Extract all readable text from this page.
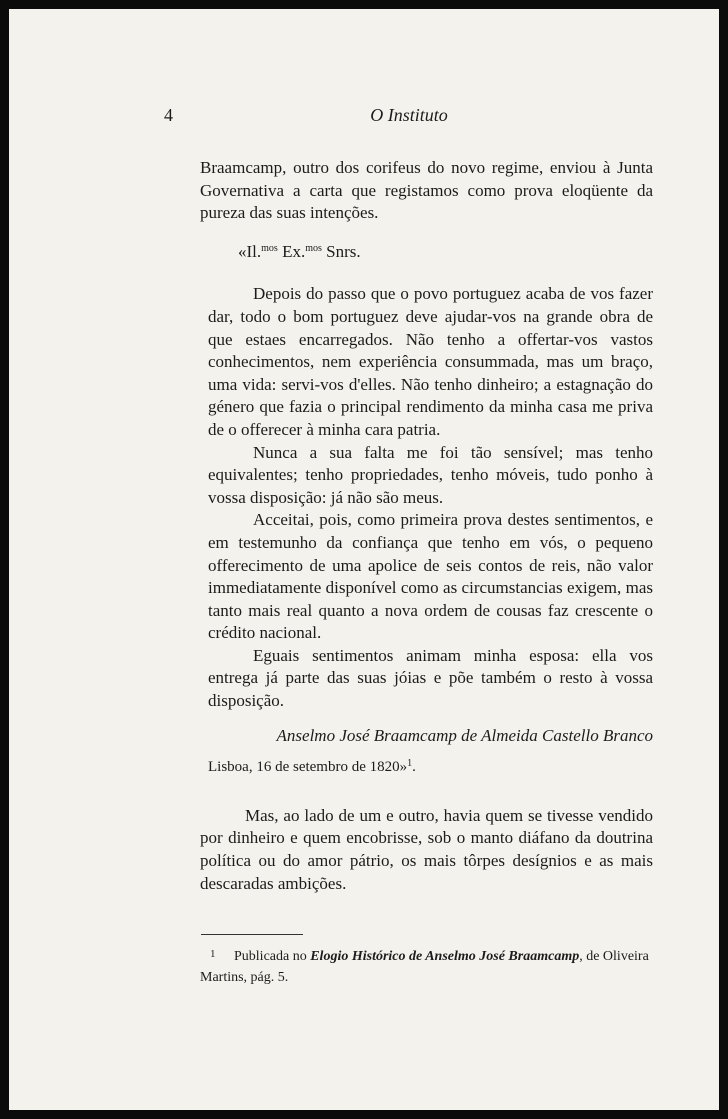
4	O Instituto

Braamcamp, outro dos corifeus do novo regime, enviou à Junta Governativa a carta que registamos como prova eloqüente da pureza das suas intenções.

«Il.$^{mos}$ Ex.$^{mos}$ Snrs.

Depois do passo que o povo portuguez acaba de vos fazer dar, todo o bom portuguez deve ajudar-vos na grande obra de que estaes encarregados. Não tenho a offertar-vos vastos conhecimentos, nem experiência consummada, mas um braço, uma vida: servi-vos d'elles. Não tenho dinheiro; a estagnação do género que fazia o principal rendimento da minha casa me priva de o offerecer à minha cara patria.

Nunca a sua falta me foi tão sensível; mas tenho equivalentes; tenho propriedades, tenho móveis, tudo ponho à vossa disposição: já não são meus.

Acceitai, pois, como primeira prova destes sentimentos, e em testemunho da confiança que tenho em vós, o pequeno offerecimento de uma apolice de seis contos de reis, não valor immediatamente disponível como as circumstancias exigem, mas tanto mais real quanto a nova ordem de cousas faz crescente o crédito nacional.

Eguais sentimentos animam minha esposa: ella vos entrega já parte das suas jóias e põe também o resto à vossa disposição.

Anselmo José Braamcamp de Almeida Castello Branco
Lisboa, 16 de setembro de 1820»$^1$.

Mas, ao lado de um e outro, havia quem se tivesse vendido por dinheiro e quem encobrisse, sob o manto diáfano da doutrina política ou do amor pátrio, os mais tôrpes desígnios e as mais descaradas ambições.

1 Publicada no Elogio Histórico de Anselmo José Braamcamp, de Oliveira Martins, pág. 5.
